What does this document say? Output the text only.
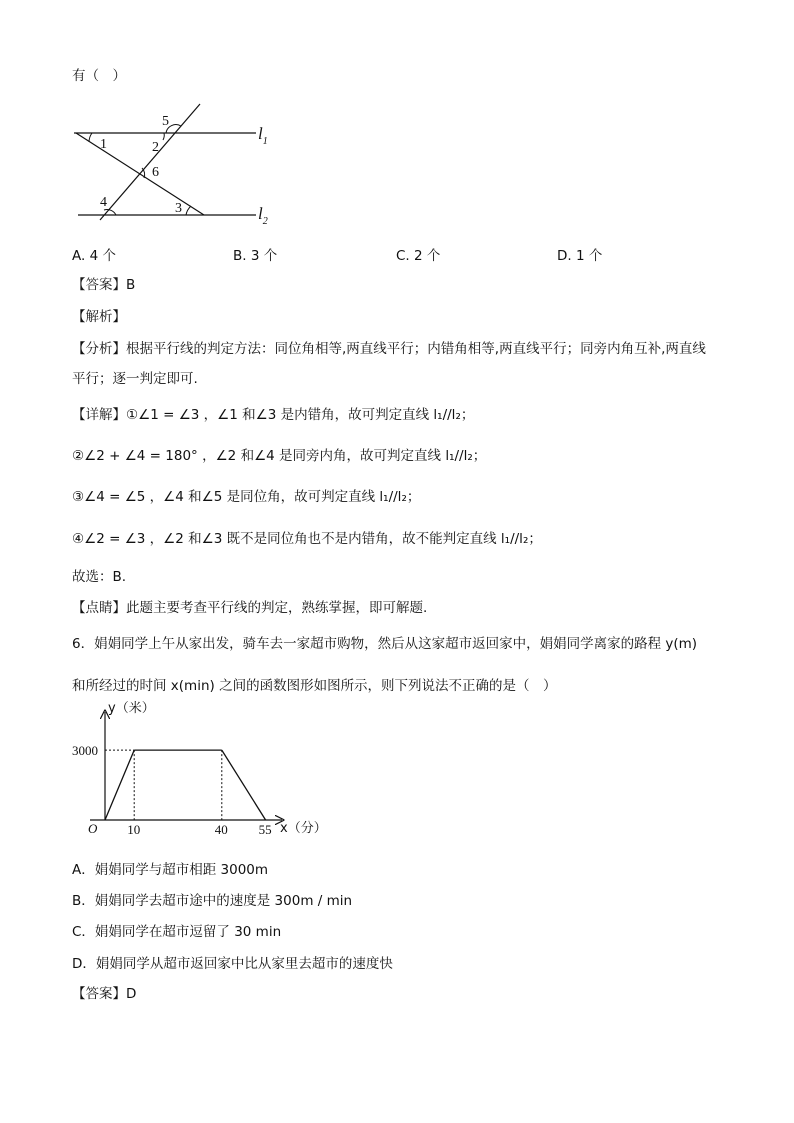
有（　）
1	2
3
4
5
6
$l_1$
$l_2$
A. 4 个	B. 3 个	C. 2 个	D. 1 个
【答案】B
【解析】
【分析】根据平行线的判定方法：同位角相等,两直线平行；内错角相等,两直线平行；同旁内角互补,两直线
平行；逐一判定即可.
【详解】①∠1 = ∠3 ，∠1 和∠3 是内错角，故可判定直线 l₁//l₂；
②∠2 + ∠4 = 180° ，∠2 和∠4 是同旁内角，故可判定直线 l₁//l₂；
③∠4 = ∠5 ，∠4 和∠5 是同位角，故可判定直线 l₁//l₂；
④∠2 = ∠3 ，∠2 和∠3 既不是同位角也不是内错角，故不能判定直线 l₁//l₂；
故选：B.
【点睛】此题主要考查平行线的判定，熟练掌握，即可解题.
6．娟娟同学上午从家出发，骑车去一家超市购物，然后从这家超市返回家中，娟娟同学离家的路程 y(m)
和所经过的时间 x(min) 之间的函数图形如图所示，则下列说法不正确的是（　）
3000
10	40 55
y（米）
x（分）
O
A．娟娟同学与超市相距 3000m
B．娟娟同学去超市途中的速度是 300m / min
C．娟娟同学在超市逗留了 30 min
D．娟娟同学从超市返回家中比从家里去超市的速度快
【答案】D
